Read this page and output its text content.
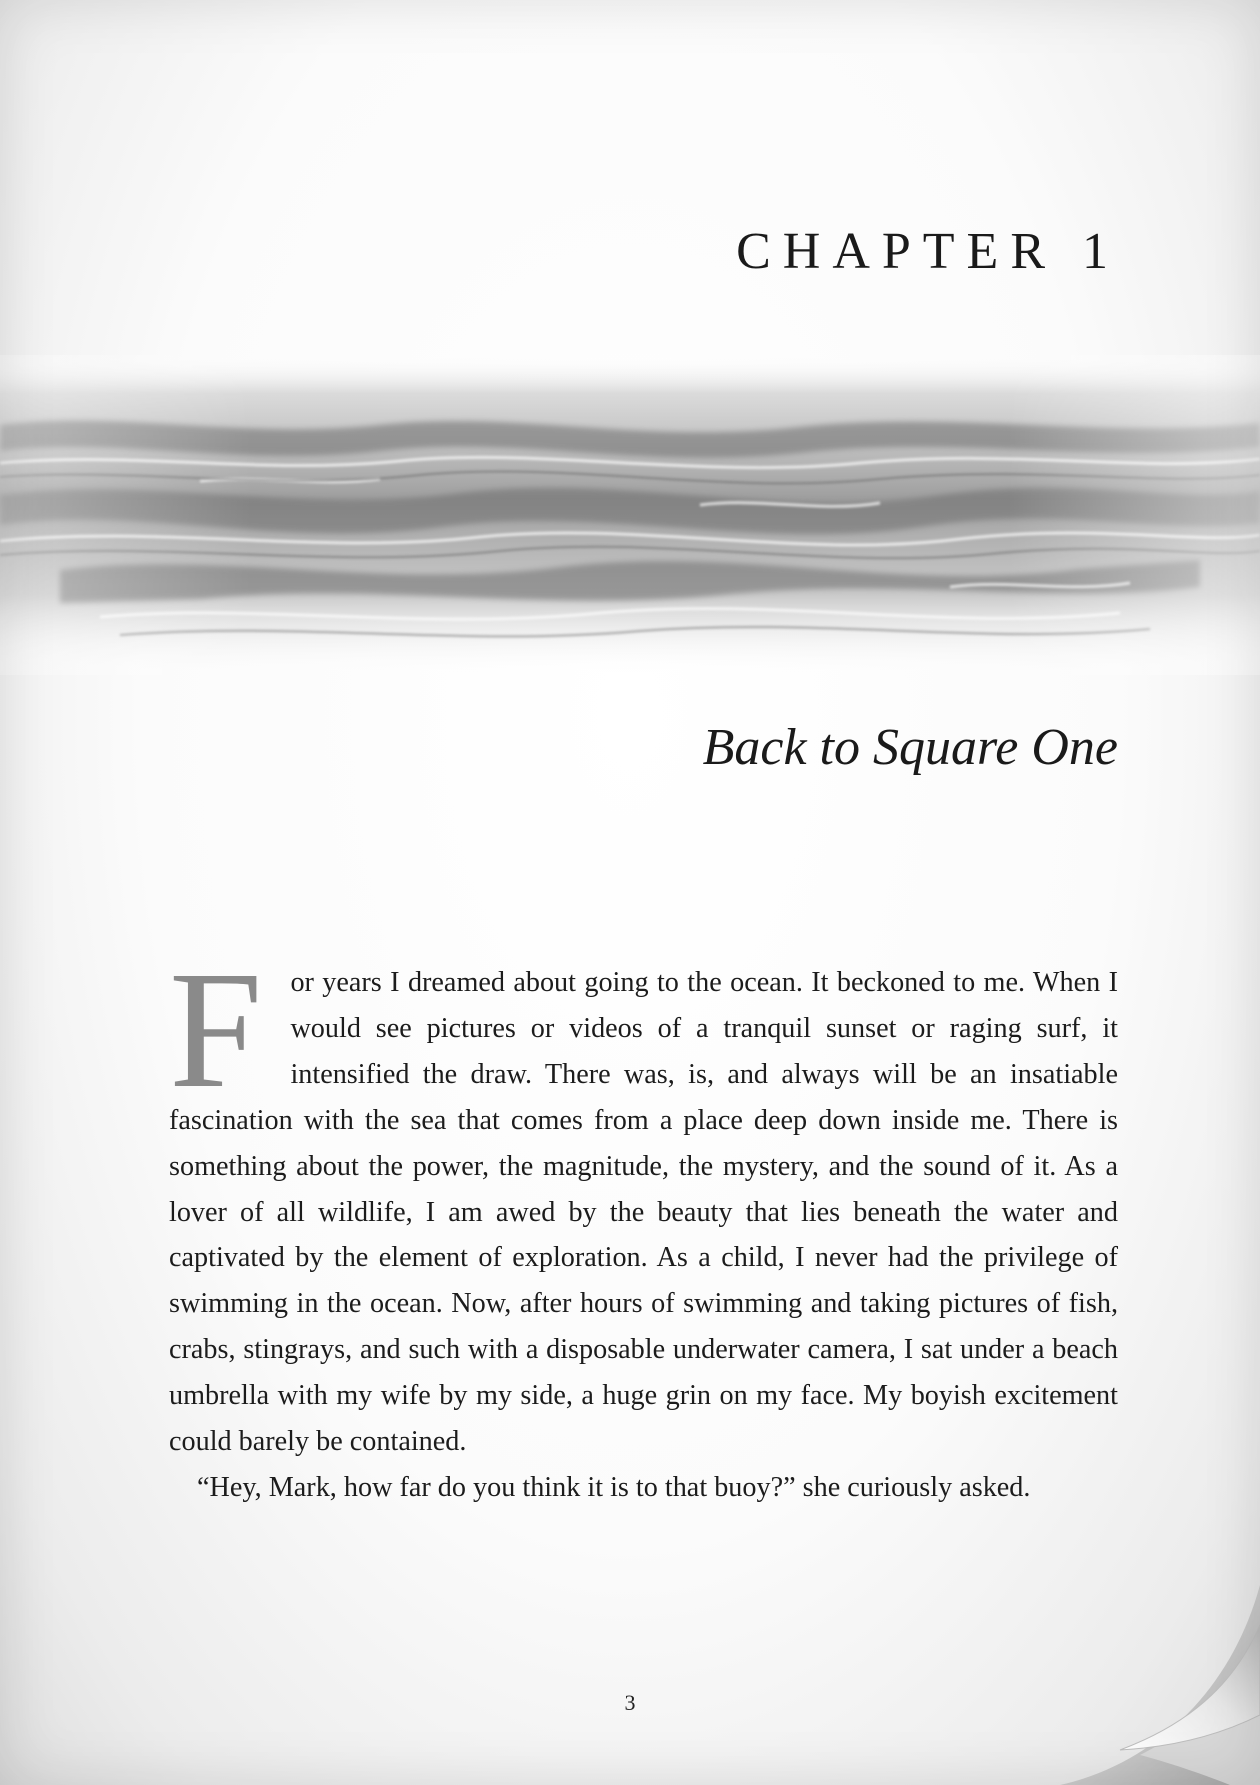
CHAPTER 1
Back to Square One

For years I dreamed about going to the ocean. It beckoned to me. When I would see pictures or videos of a tranquil sunset or raging surf, it intensified the draw. There was, is, and always will be an insatiable fascination with the sea that comes from a place deep down inside me. There is something about the power, the magnitude, the mystery, and the sound of it. As a lover of all wildlife, I am awed by the beauty that lies beneath the water and captivated by the element of exploration. As a child, I never had the privilege of swimming in the ocean. Now, after hours of swimming and taking pictures of fish, crabs, stingrays, and such with a disposable underwater camera, I sat under a beach umbrella with my wife by my side, a huge grin on my face. My boyish excitement could barely be contained.

“Hey, Mark, how far do you think it is to that buoy?” she curiously asked.

3
